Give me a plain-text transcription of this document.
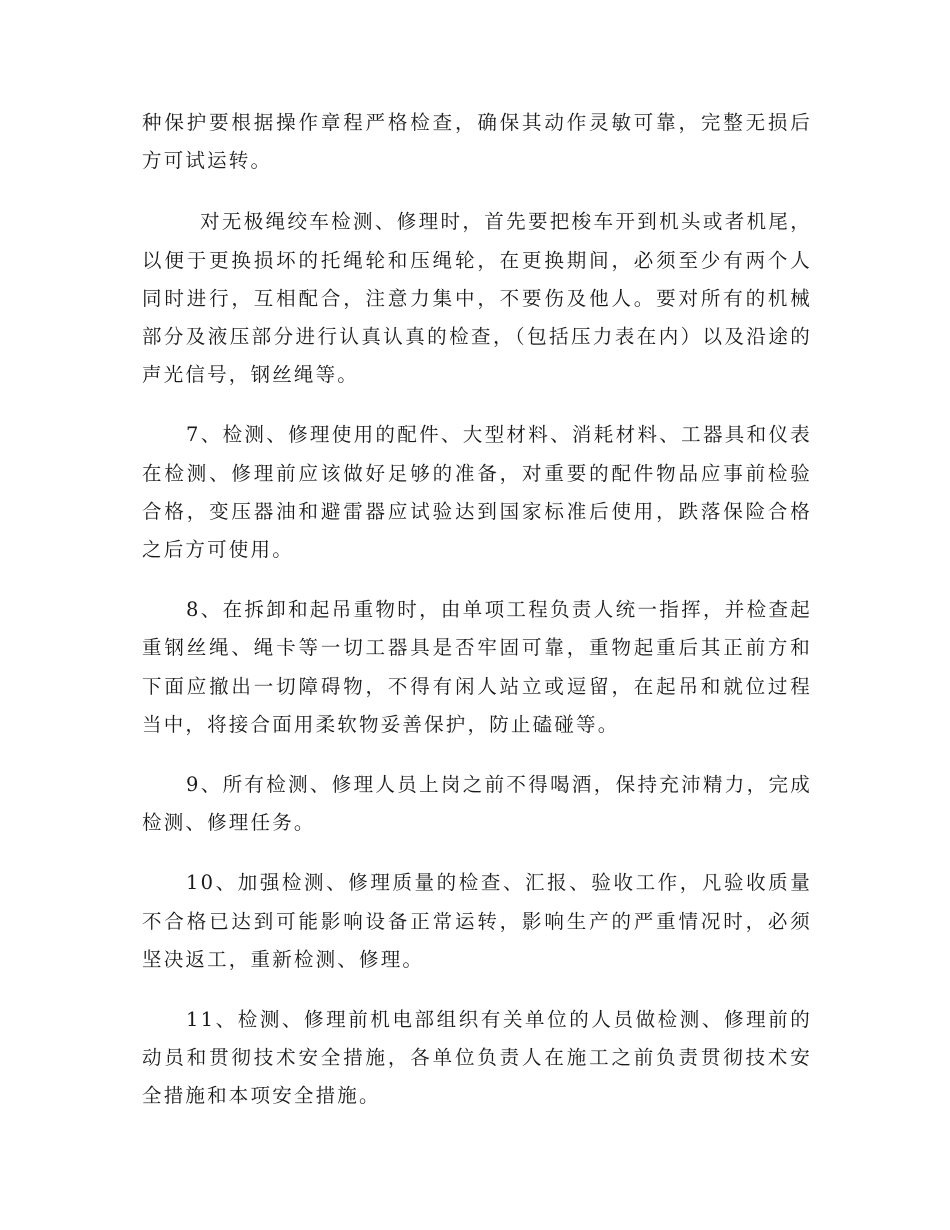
种保护要根据操作章程严格检查，确保其动作灵敏可靠，完整无损后方可试运转。

对无极绳绞车检测、修理时，首先要把梭车开到机头或者机尾，以便于更换损坏的托绳轮和压绳轮，在更换期间，必须至少有两个人同时进行，互相配合，注意力集中，不要伤及他人。要对所有的机械部分及液压部分进行认真认真的检查，（包括压力表在内）以及沿途的声光信号，钢丝绳等。

7、检测、修理使用的配件、大型材料、消耗材料、工器具和仪表在检测、修理前应该做好足够的准备，对重要的配件物品应事前检验合格，变压器油和避雷器应试验达到国家标准后使用，跌落保险合格之后方可使用。

8、在拆卸和起吊重物时，由单项工程负责人统一指挥，并检查起重钢丝绳、绳卡等一切工器具是否牢固可靠，重物起重后其正前方和下面应撤出一切障碍物，不得有闲人站立或逗留，在起吊和就位过程当中，将接合面用柔软物妥善保护，防止磕碰等。

9、所有检测、修理人员上岗之前不得喝酒，保持充沛精力，完成检测、修理任务。

10、加强检测、修理质量的检查、汇报、验收工作，凡验收质量不合格已达到可能影响设备正常运转，影响生产的严重情况时，必须坚决返工，重新检测、修理。

11、检测、修理前机电部组织有关单位的人员做检测、修理前的动员和贯彻技术安全措施，各单位负责人在施工之前负责贯彻技术安全措施和本项安全措施。
